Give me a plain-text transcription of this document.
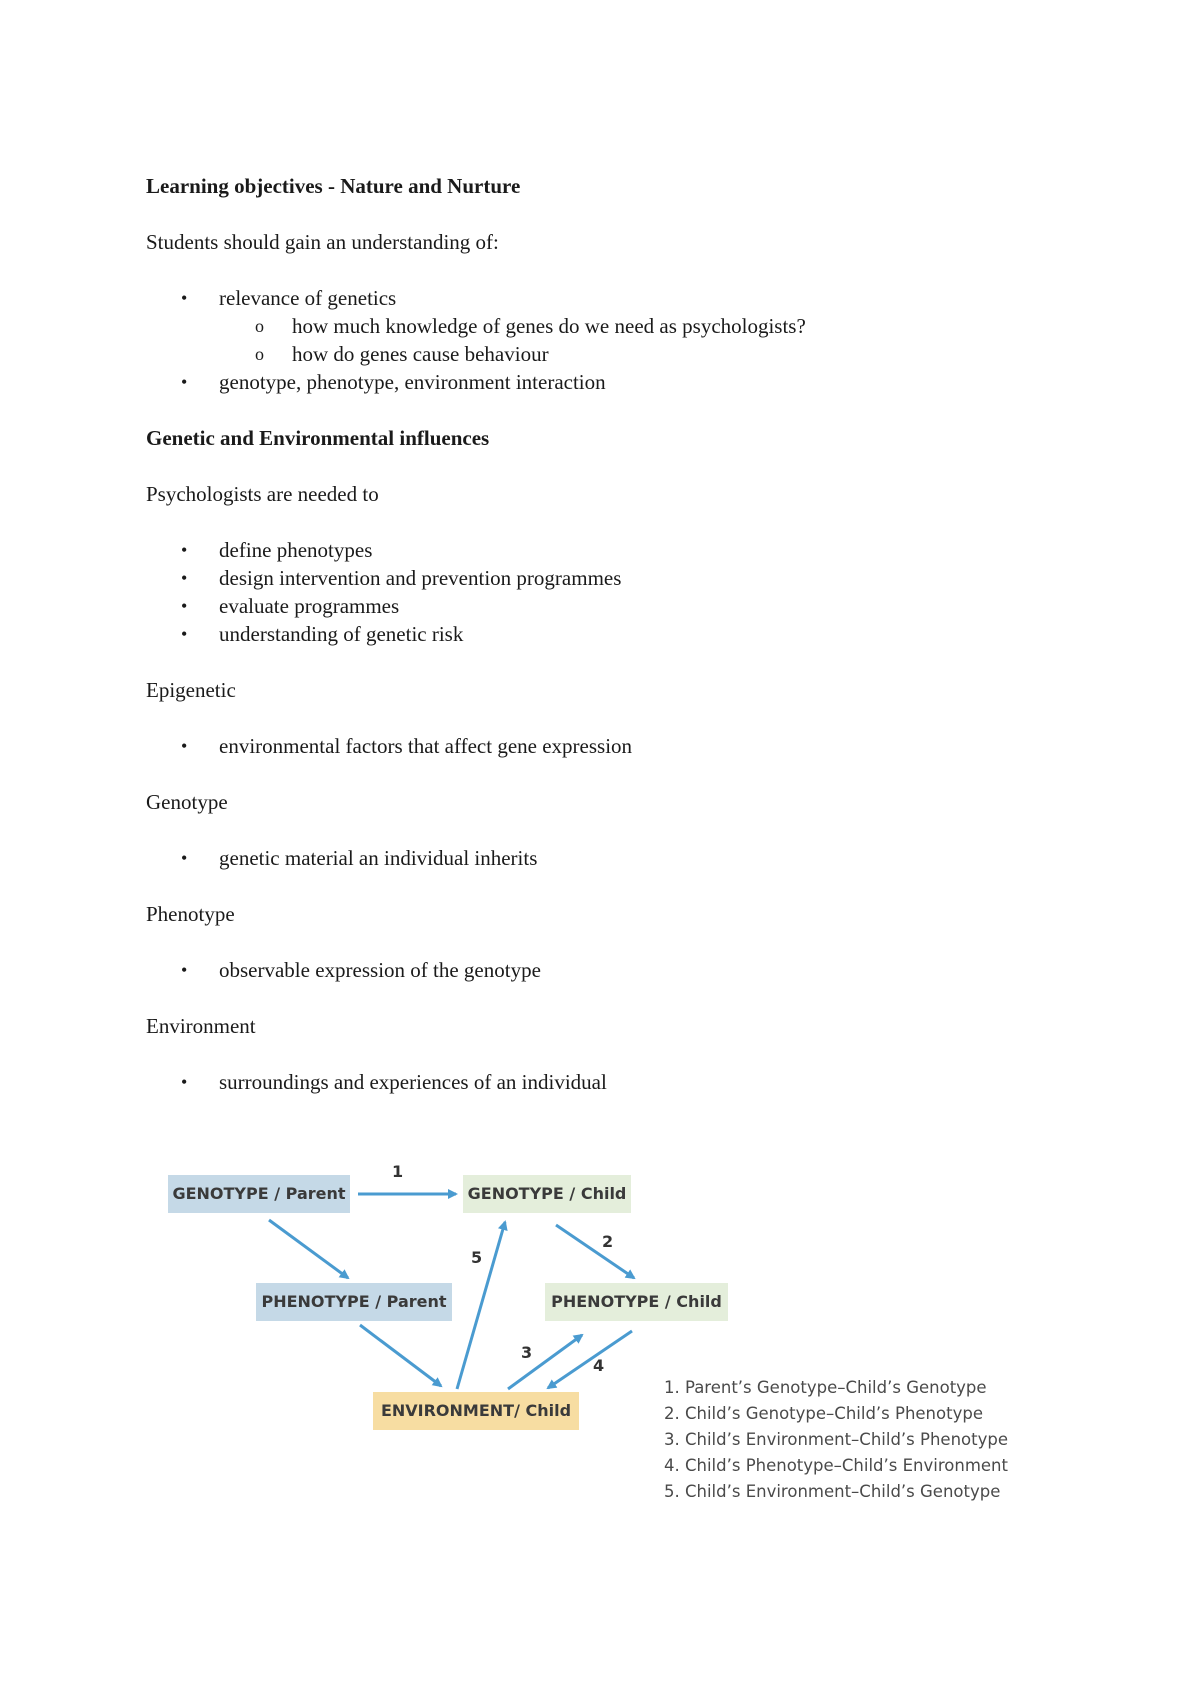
Learning objectives - Nature and Nurture
Students should gain an understanding of:
• relevance of genetics
o how much knowledge of genes do we need as psychologists?
o how do genes cause behaviour
• genotype, phenotype, environment interaction
Genetic and Environmental influences
Psychologists are needed to
• define phenotypes
• design intervention and prevention programmes
• evaluate programmes
• understanding of genetic risk
Epigenetic
• environmental factors that affect gene expression
Genotype
• genetic material an individual inherits
Phenotype
• observable expression of the genotype
Environment
• surroundings and experiences of an individual
GENOTYPE / Parent	GENOTYPE / Child
PHENOTYPE / Parent	PHENOTYPE / Child
ENVIRONMENT/ Child
1
2
3
4
5
1. Parent’s Genotype–Child’s Genotype
2. Child’s Genotype–Child’s Phenotype
3. Child’s Environment–Child’s Phenotype
4. Child’s Phenotype–Child’s Environment
5. Child’s Environment–Child’s Genotype
